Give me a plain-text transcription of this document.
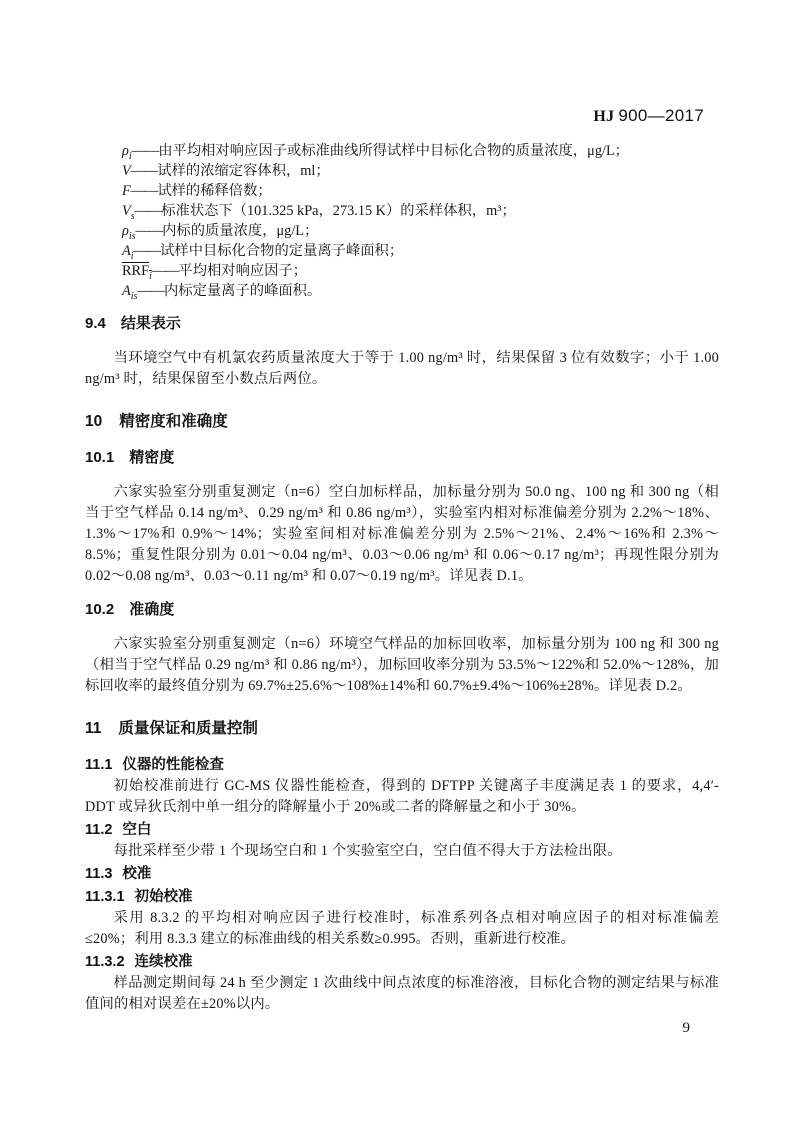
HJ 900—2017
$\rho_i——$由平均相对响应因子或标准曲线所得试样中目标化合物的质量浓度，μg/L；
V——试样的浓缩定容体积，ml；
F——试样的稀释倍数；
$V_s——$标准状态下（101.325 kPa，273.15 K）的采样体积，m³；
$\rho_{is}——$内标的质量浓度，μg/L；
$A_i——$试样中目标化合物的定量离子峰面积；
$RRF_i——$平均相对响应因子；
$A_{is}——$内标定量离子的峰面积。
9.4 结果表示

当环境空气中有机氯农药质量浓度大于等于 1.00 ng/m³ 时，结果保留 3 位有效数字；小于 1.00 ng/m³ 时，结果保留至小数点后两位。

10 精密度和准确度
10.1 精密度

六家实验室分别重复测定（n=6）空白加标样品，加标量分别为 50.0 ng、100 ng 和 300 ng（相当于空气样品 0.14 ng/m³、0.29 ng/m³ 和 0.86 ng/m³），实验室内相对标准偏差分别为 2.2%～18%、1.3%～17%和 0.9%～14%；实验室间相对标准偏差分别为 2.5%～21%、2.4%～16%和 2.3%～8.5%；重复性限分别为 0.01～0.04 ng/m³、0.03～0.06 ng/m³ 和 0.06～0.17 ng/m³；再现性限分别为 0.02～0.08 ng/m³、0.03～0.11 ng/m³ 和 0.07～0.19 ng/m³。详见表 D.1。

10.2 准确度

六家实验室分别重复测定（n=6）环境空气样品的加标回收率，加标量分别为 100 ng 和 300 ng（相当于空气样品 0.29 ng/m³ 和 0.86 ng/m³），加标回收率分别为 53.5%～122%和 52.0%～128%，加标回收率的最终值分别为 69.7%±25.6%～108%±14%和 60.7%±9.4%～106%±28%。详见表 D.2。

11 质量保证和质量控制
11.1 仪器的性能检查

初始校准前进行 GC-MS 仪器性能检查，得到的 DFTPP 关键离子丰度满足表 1 的要求，4,4′-DDT 或异狄氏剂中单一组分的降解量小于 20%或二者的降解量之和小于 30%。

11.2 空白

每批采样至少带 1 个现场空白和 1 个实验室空白，空白值不得大于方法检出限。

11.3 校准
11.3.1 初始校准

采用 8.3.2 的平均相对响应因子进行校准时，标准系列各点相对响应因子的相对标准偏差≤20%；利用 8.3.3 建立的标准曲线的相关系数≥0.995。否则，重新进行校准。

11.3.2 连续校准

样品测定期间每 24 h 至少测定 1 次曲线中间点浓度的标准溶液，目标化合物的测定结果与标准值间的相对误差在±20%以内。

9
